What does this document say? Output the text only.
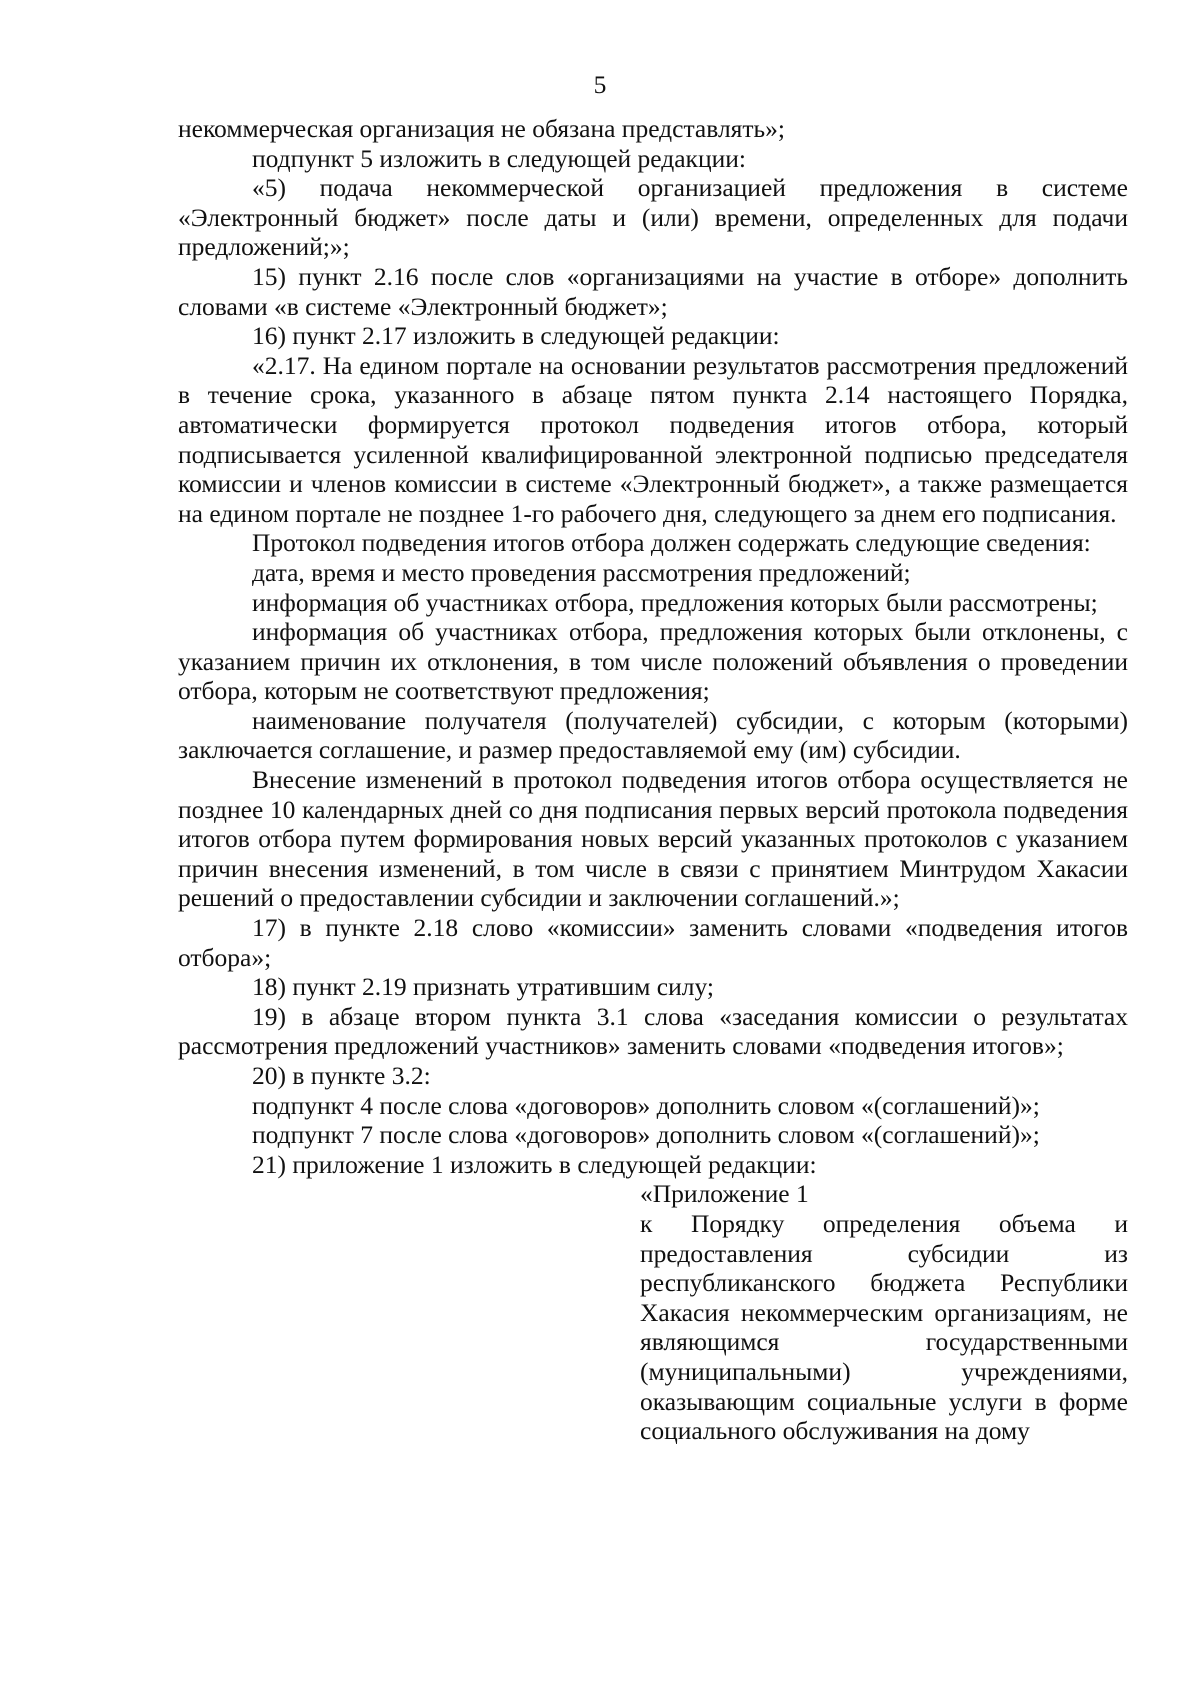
5

некоммерческая организация не обязана представлять»;

подпункт 5 изложить в следующей редакции:

«5) подача некоммерческой организацией предложения в системе «Электронный бюджет» после даты и (или) времени, определенных для подачи предложений;»;

15) пункт 2.16 после слов «организациями на участие в отборе» дополнить словами «в системе «Электронный бюджет»;

16) пункт 2.17 изложить в следующей редакции:

«2.17. На едином портале на основании результатов рассмотрения предложений в течение срока, указанного в абзаце пятом пункта 2.14 настоящего Порядка, автоматически формируется протокол подведения итогов отбора, который подписывается усиленной квалифицированной электронной подписью председателя комиссии и членов комиссии в системе «Электронный бюджет», а также размещается на едином портале не позднее 1-го рабочего дня, следующего за днем его подписания.

Протокол подведения итогов отбора должен содержать следующие сведения:

дата, время и место проведения рассмотрения предложений;

информация об участниках отбора, предложения которых были рассмотрены;

информация об участниках отбора, предложения которых были отклонены, с указанием причин их отклонения, в том числе положений объявления о проведении отбора, которым не соответствуют предложения;

наименование получателя (получателей) субсидии, с которым (которыми) заключается соглашение, и размер предоставляемой ему (им) субсидии.

Внесение изменений в протокол подведения итогов отбора осуществляется не позднее 10 календарных дней со дня подписания первых версий протокола подведения итогов отбора путем формирования новых версий указанных протоколов с указанием причин внесения изменений, в том числе в связи с принятием Минтрудом Хакасии решений о предоставлении субсидии и заключении соглашений.»;

17) в пункте 2.18 слово «комиссии» заменить словами «подведения итогов отбора»;

18) пункт 2.19 признать утратившим силу;

19) в абзаце втором пункта 3.1 слова «заседания комиссии о результатах рассмотрения предложений участников» заменить словами «подведения итогов»;

20) в пункте 3.2:

подпункт 4 после слова «договоров» дополнить словом «(соглашений)»;

подпункт 7 после слова «договоров» дополнить словом «(соглашений)»;

21) приложение 1 изложить в следующей редакции:

«Приложение 1
к Порядку определения объема и предоставления субсидии из республиканского бюджета Республики Хакасия некоммерческим организациям, не являющимся государственными (муниципальными) учреждениями, оказывающим социальные услуги в форме социального обслуживания на дому
